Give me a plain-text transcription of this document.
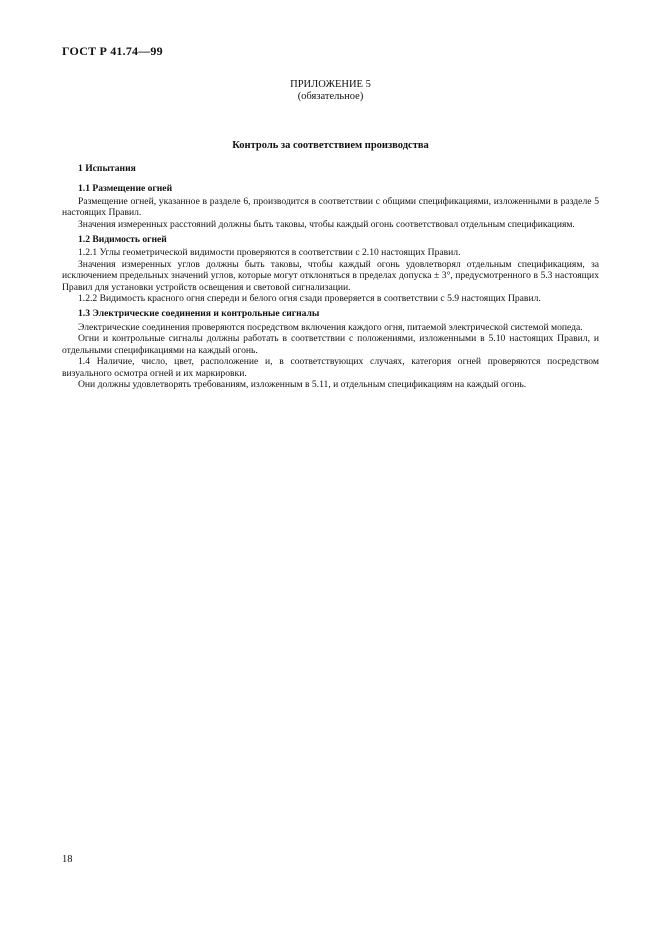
ГОСТ Р 41.74—99
ПРИЛОЖЕНИЕ 5
(обязательное)
Контроль за соответствием производства
1 Испытания
1.1 Размещение огней

Размещение огней, указанное в разделе 6, производится в соответствии с общими спецификациями, изложенными в разделе 5 настоящих Правил.

Значения измеренных расстояний должны быть таковы, чтобы каждый огонь соответствовал отдельным спецификациям.

1.2 Видимость огней

1.2.1 Углы геометрической видимости проверяются в соответствии с 2.10 настоящих Правил.

Значения измеренных углов должны быть таковы, чтобы каждый огонь удовлетворял отдельным спецификациям, за исключением предельных значений углов, которые могут отклоняться в пределах допуска ± 3°, предусмотренного в 5.3 настоящих Правил для установки устройств освещения и световой сигнализации.

1.2.2 Видимость красного огня спереди и белого огня сзади проверяется в соответствии с 5.9 настоящих Правил.

1.3 Электрические соединения и контрольные сигналы

Электрические соединения проверяются посредством включения каждого огня, питаемой электрической системой мопеда.

Огни и контрольные сигналы должны работать в соответствии с положениями, изложенными в 5.10 настоящих Правил, и отдельными спецификациями на каждый огонь.

1.4 Наличие, число, цвет, расположение и, в соответствующих случаях, категория огней проверяются посредством визуального осмотра огней и их маркировки.

Они должны удовлетворять требованиям, изложенным в 5.11, и отдельным спецификациям на каждый огонь.

18
